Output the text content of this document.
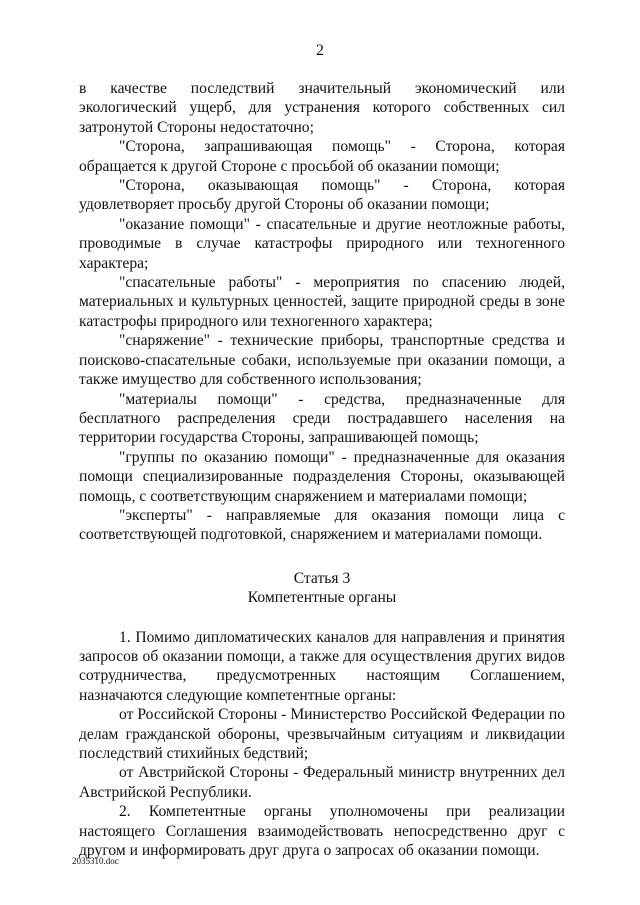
2

в качестве последствий значительный экономический или экологический ущерб, для устранения которого собственных сил затронутой Стороны недостаточно;

"Сторона, запрашивающая помощь" - Сторона, которая обращается к другой Стороне с просьбой об оказании помощи;

"Сторона, оказывающая помощь" - Сторона, которая удовлетворяет просьбу другой Стороны об оказании помощи;

"оказание помощи" - спасательные и другие неотложные работы, проводимые в случае катастрофы природного или техногенного характера;

"спасательные работы" - мероприятия по спасению людей, материальных и культурных ценностей, защите природной среды в зоне катастрофы природного или техногенного характера;

"снаряжение" - технические приборы, транспортные средства и поисково-спасательные собаки, используемые при оказании помощи, а также имущество для собственного использования;

"материалы помощи" - средства, предназначенные для бесплатного распределения среди пострадавшего населения на территории государства Стороны, запрашивающей помощь;

"группы по оказанию помощи" - предназначенные для оказания помощи специализированные подразделения Стороны, оказывающей помощь, с соответствующим снаряжением и материалами помощи;

"эксперты" - направляемые для оказания помощи лица с соответствующей подготовкой, снаряжением и материалами помощи.

Статья 3

Компетентные органы

1. Помимо дипломатических каналов для направления и принятия запросов об оказании помощи, а также для осуществления других видов сотрудничества, предусмотренных настоящим Соглашением, назначаются следующие компетентные органы:

от Российской Стороны - Министерство Российской Федерации по делам гражданской обороны, чрезвычайным ситуациям и ликвидации последствий стихийных бедствий;

от Австрийской Стороны - Федеральный министр внутренних дел Австрийской Республики.

2. Компетентные органы уполномочены при реализации настоящего Соглашения взаимодействовать непосредственно друг с другом и информировать друг друга о запросах об оказании помощи.

2035310.doc
